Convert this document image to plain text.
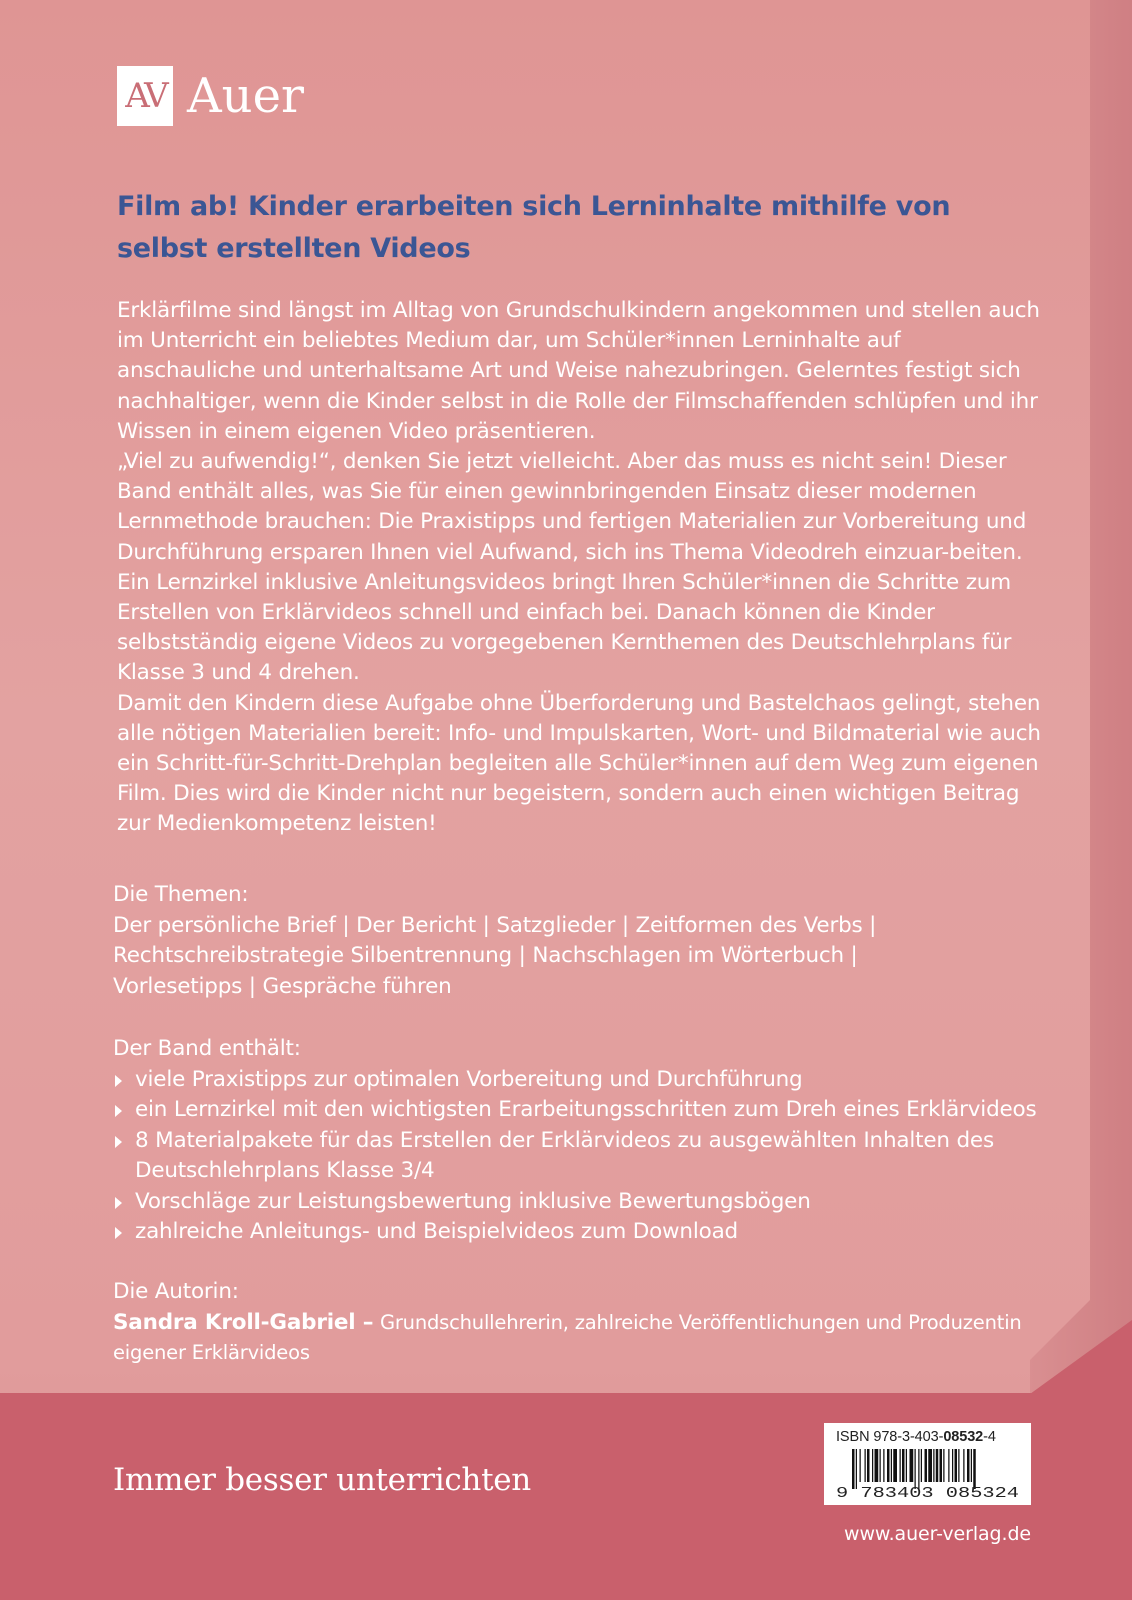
AV Auer
Film ab! Kinder erarbeiten sich Lerninhalte mithilfe von selbst erstellten Videos

Erklärfilme sind längst im Alltag von Grundschulkindern angekommen und stellen auch im Unterricht ein beliebtes Medium dar, um Schüler*innen Lerninhalte auf anschauliche und unterhaltsame Art und Weise nahezubringen. Gelerntes festigt sich nachhaltiger, wenn die Kinder selbst in die Rolle der Filmschaffenden schlüpfen und ihr Wissen in einem eigenen Video präsentieren.

„Viel zu aufwendig!“, denken Sie jetzt vielleicht. Aber das muss es nicht sein! Dieser Band enthält alles, was Sie für einen gewinnbringenden Einsatz dieser modernen Lernmethode brauchen: Die Praxistipps und fertigen Materialien zur Vorbereitung und Durchführung ersparen Ihnen viel Aufwand, sich ins Thema Videodreh einzuar-beiten. Ein Lernzirkel inklusive Anleitungsvideos bringt Ihren Schüler*innen die Schritte zum Erstellen von Erklärvideos schnell und einfach bei. Danach können die Kinder selbstständig eigene Videos zu vorgegebenen Kernthemen des Deutschlehrplans für Klasse 3 und 4 drehen.

Damit den Kindern diese Aufgabe ohne Überforderung und Bastelchaos gelingt, stehen alle nötigen Materialien bereit: Info- und Impulskarten, Wort- und Bildmaterial wie auch ein Schritt-für-Schritt-Drehplan begleiten alle Schüler*innen auf dem Weg zum eigenen Film. Dies wird die Kinder nicht nur begeistern, sondern auch einen wichtigen Beitrag zur Medienkompetenz leisten!

Die Themen:

Der persönliche Brief | Der Bericht | Satzglieder | Zeitformen des Verbs |

Rechtschreibstrategie Silbentrennung | Nachschlagen im Wörterbuch |

Vorlesetipps | Gespräche führen

Der Band enthält:

viele Praxistipps zur optimalen Vorbereitung und Durchführung
ein Lernzirkel mit den wichtigsten Erarbeitungsschritten zum Dreh eines Erklärvideos
8 Materialpakete für das Erstellen der Erklärvideos zu ausgewählten Inhalten des Deutschlehrplans Klasse 3/4
Vorschläge zur Leistungsbewertung inklusive Bewertungsbögen
zahlreiche Anleitungs- und Beispielvideos zum Download

Die Autorin:

Sandra Kroll-Gabriel – Grundschullehrerin, zahlreiche Veröffentlichungen und Produzentin eigener Erklärvideos

Immer besser unterrichten
ISBN 978-3-403-08532-4
9 783403 085324
www.auer-verlag.de
